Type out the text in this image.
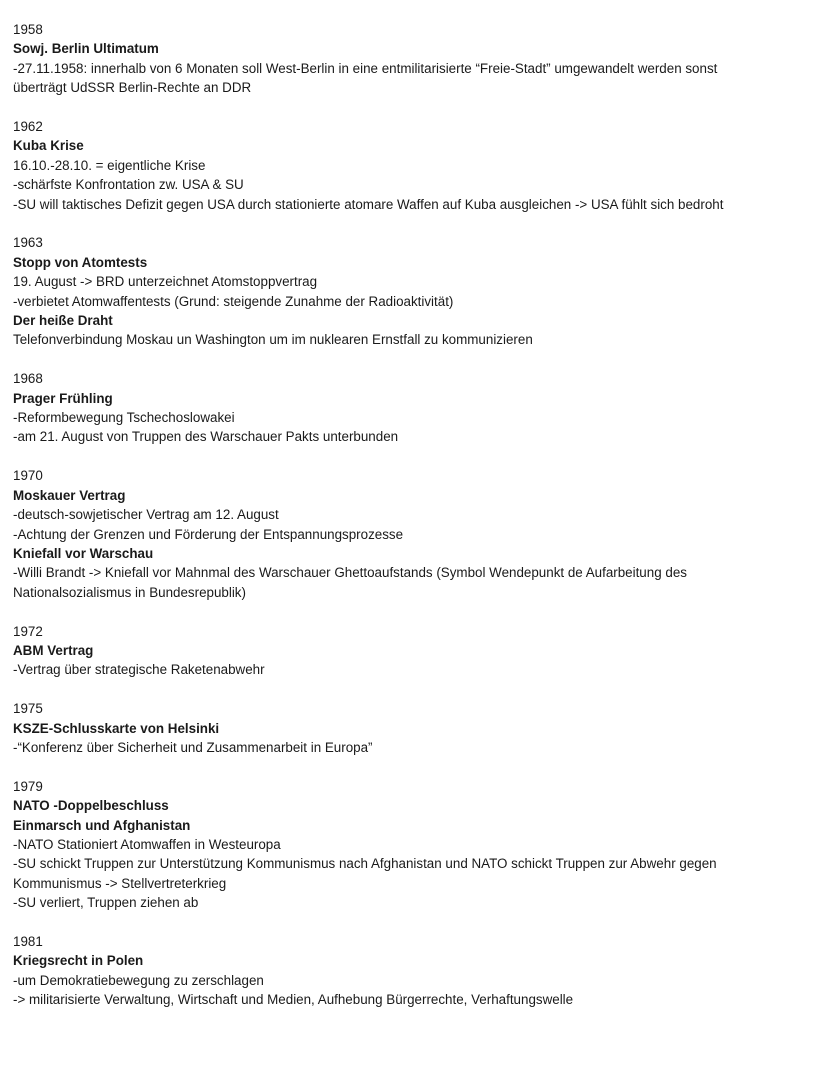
1958
Sowj. Berlin Ultimatum
-27.11.1958: innerhalb von 6 Monaten soll West-Berlin in eine entmilitarisierte “Freie-Stadt” umgewandelt werden sonst
überträgt UdSSR Berlin-Rechte an DDR
1962
Kuba Krise
16.10.-28.10. = eigentliche Krise
-schärfste Konfrontation zw. USA & SU
-SU will taktisches Defizit gegen USA durch stationierte atomare Waffen auf Kuba ausgleichen -> USA fühlt sich bedroht
1963
Stopp von Atomtests
19. August -> BRD unterzeichnet Atomstoppvertrag
-verbietet Atomwaffentests (Grund: steigende Zunahme der Radioaktivität)
Der heiße Draht
Telefonverbindung Moskau un Washington um im nuklearen Ernstfall zu kommunizieren
1968
Prager Frühling
-Reformbewegung Tschechoslowakei
-am 21. August von Truppen des Warschauer Pakts unterbunden
1970
Moskauer Vertrag
-deutsch-sowjetischer Vertrag am 12. August
-Achtung der Grenzen und Förderung der Entspannungsprozesse
Kniefall vor Warschau
-Willi Brandt -> Kniefall vor Mahnmal des Warschauer Ghettoaufstands (Symbol Wendepunkt de Aufarbeitung des
Nationalsozialismus in Bundesrepublik)
1972
ABM Vertrag
-Vertrag über strategische Raketenabwehr
1975
KSZE-Schlusskarte von Helsinki
-“Konferenz über Sicherheit und Zusammenarbeit in Europa”
1979
NATO -Doppelbeschluss
Einmarsch und Afghanistan
-NATO Stationiert Atomwaffen in Westeuropa
-SU schickt Truppen zur Unterstützung Kommunismus nach Afghanistan und NATO schickt Truppen zur Abwehr gegen
Kommunismus -> Stellvertreterkrieg
-SU verliert, Truppen ziehen ab
1981
Kriegsrecht in Polen
-um Demokratiebewegung zu zerschlagen
-> militarisierte Verwaltung, Wirtschaft und Medien, Aufhebung Bürgerrechte, Verhaftungswelle
